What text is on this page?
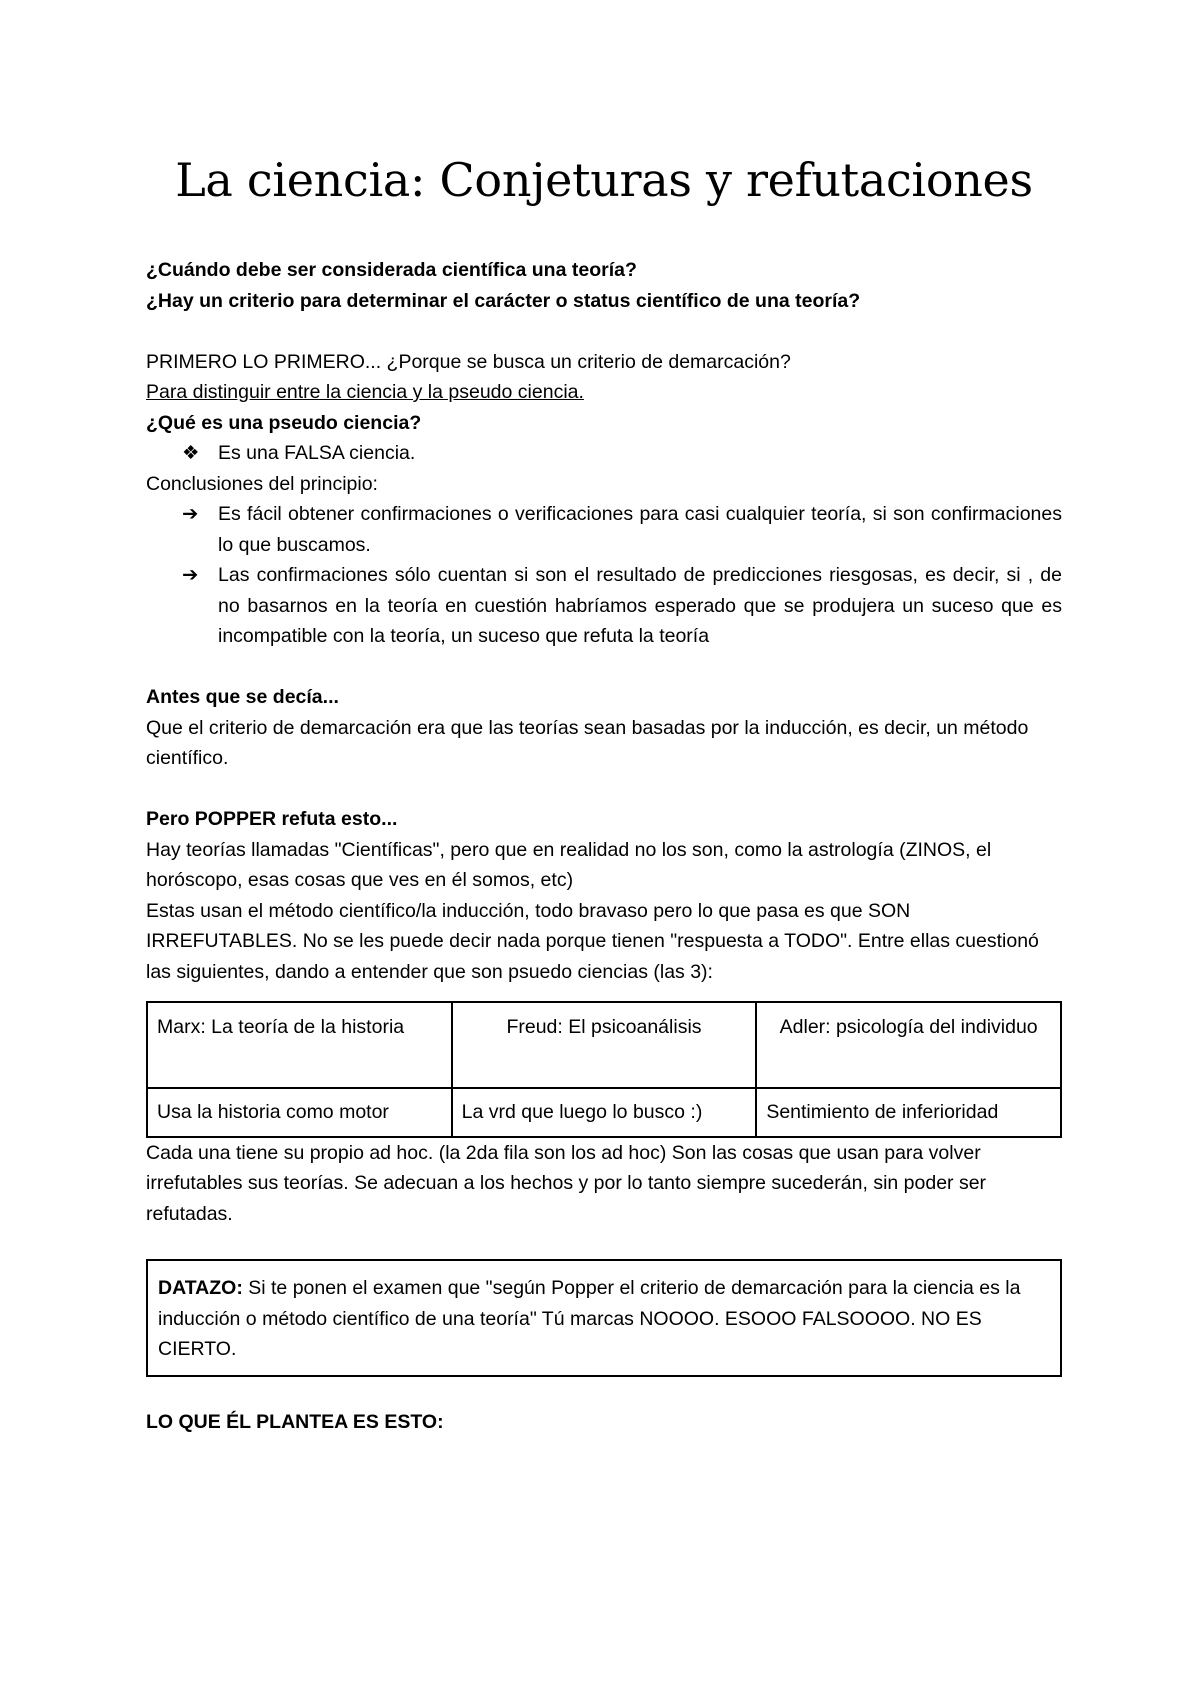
La ciencia: Conjeturas y refutaciones

¿Cuándo debe ser considerada científica una teoría?

¿Hay un criterio para determinar el carácter o status científico de una teoría?

PRIMERO LO PRIMERO... ¿Porque se busca un criterio de demarcación?

Para distinguir entre la ciencia y la pseudo ciencia.

¿Qué es una pseudo ciencia?

❖ Es una FALSA ciencia.

Conclusiones del principio:

➔	Es fácil obtener confirmaciones o verificaciones para casi cualquier teoría, si son confirmaciones lo que buscamos.
➔	Las confirmaciones sólo cuentan si son el resultado de predicciones riesgosas, es decir, si , de no basarnos en la teoría en cuestión habríamos esperado que se produjera un suceso que es incompatible con la teoría, un suceso que refuta la teoría

Antes que se decía...

Que el criterio de demarcación era que las teorías sean basadas por la inducción, es decir, un método científico.

Pero POPPER refuta esto...

Hay teorías llamadas "Científicas", pero que en realidad no los son, como la astrología (ZINOS, el horóscopo, esas cosas que ves en él somos, etc)

Estas usan el método científico/la inducción, todo bravaso pero lo que pasa es que SON IRREFUTABLES. No se les puede decir nada porque tienen "respuesta a TODO". Entre ellas cuestionó las siguientes, dando a entender que son psuedo ciencias (las 3):

Marx: La teoría de la historia	Freud: El psicoanálisis	Adler: psicología del individuo
Usa la historia como motor	La vrd que luego lo busco :)	Sentimiento de inferioridad

Cada una tiene su propio ad hoc. (la 2da fila son los ad hoc) Son las cosas que usan para volver irrefutables sus teorías. Se adecuan a los hechos y por lo tanto siempre sucederán, sin poder ser refutadas.

DATAZO: Si te ponen el examen que "según Popper el criterio de demarcación para la ciencia es la inducción o método científico de una teoría" Tú marcas NOOOO. ESOOO FALSOOOO. NO ES CIERTO.

LO QUE ÉL PLANTEA ES ESTO:
